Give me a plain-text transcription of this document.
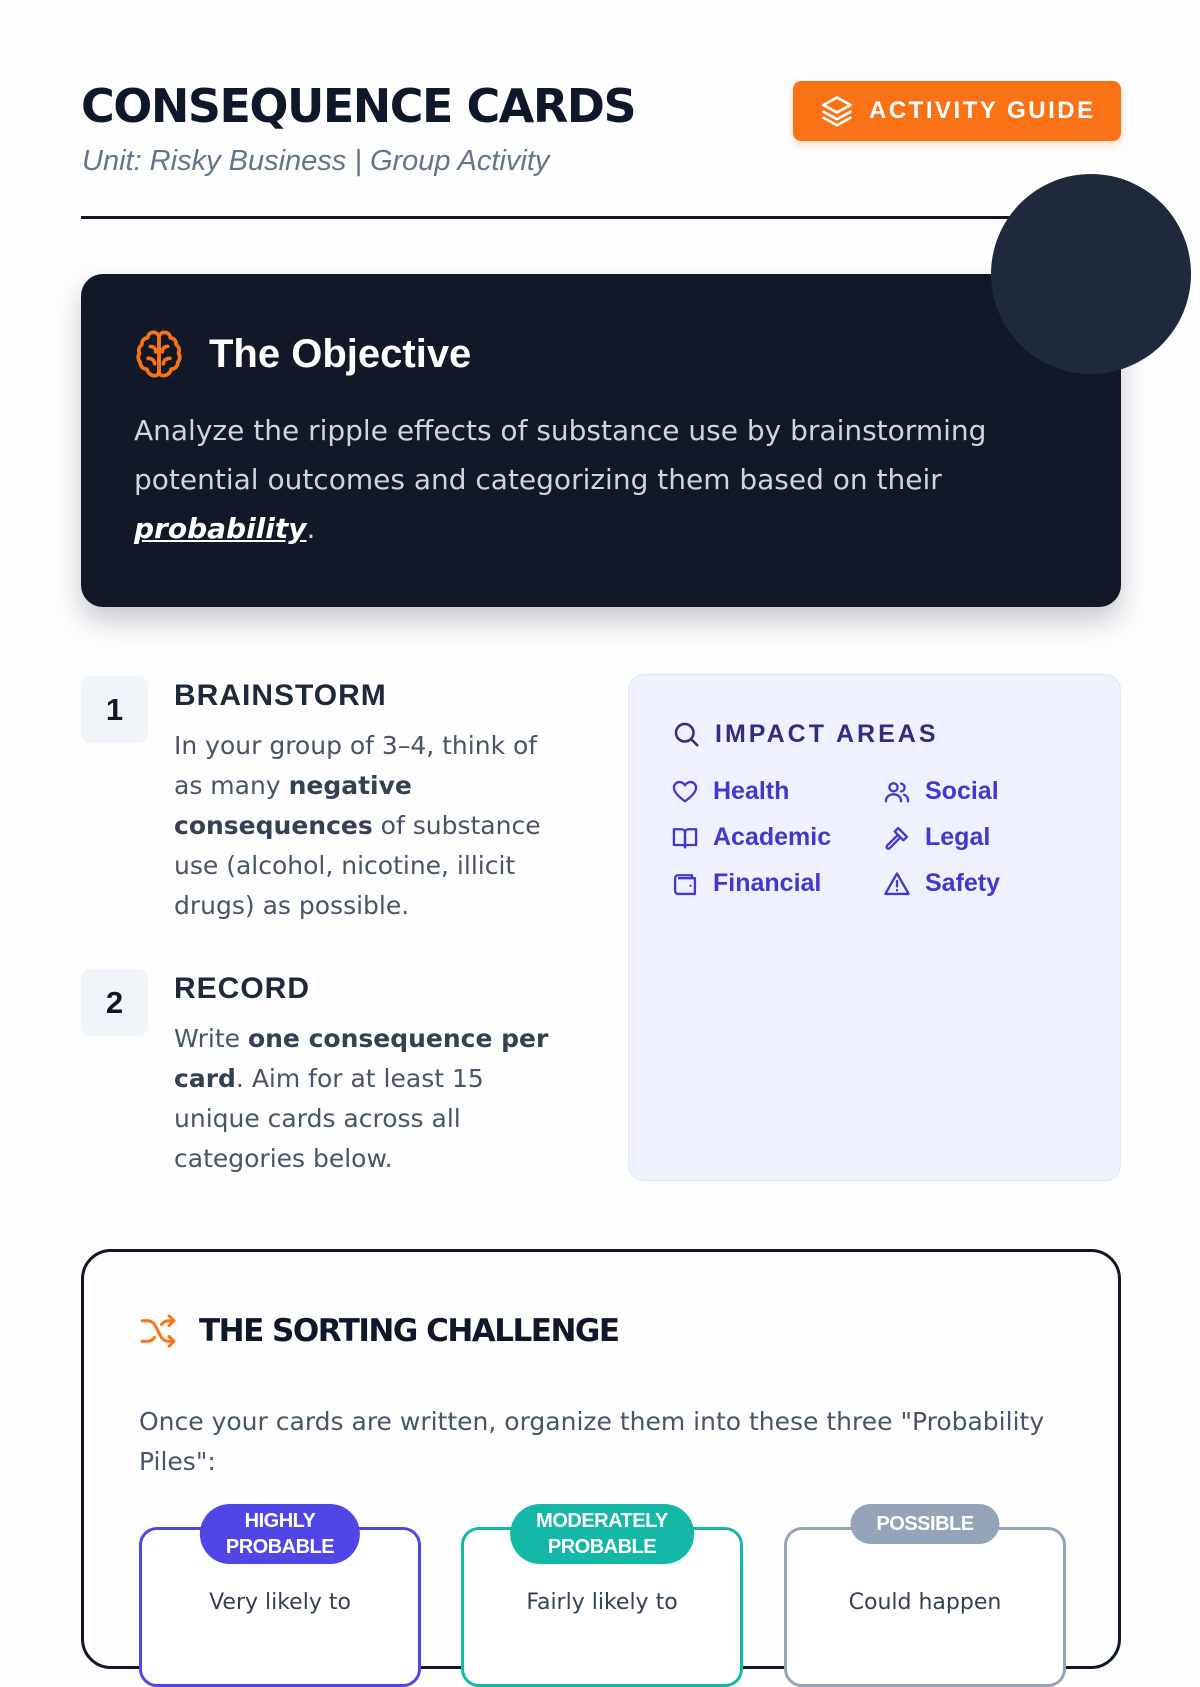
CONSEQUENCE CARDS
Unit: Risky Business | Group Activity
ACTIVITY GUIDE
The Objective

Analyze the ripple effects of substance use by brainstorming potential outcomes and categorizing them based on their probability.

1	BRAINSTORM

In your group of 3–4, think of as many negative consequences of substance use (alcohol, nicotine, illicit drugs) as possible.

2	RECORD

Write one consequence per card. Aim for at least 15 unique cards across all categories below.

IMPACT AREAS
Health	Social
Academic	Legal
Financial	Safety
THE SORTING CHALLENGE

Once your cards are written, organize them into these three "Probability Piles":

HIGHLY
PROBABLE
Very likely to
MODERATELY
PROBABLE
Fairly likely to
POSSIBLE
Could happen
